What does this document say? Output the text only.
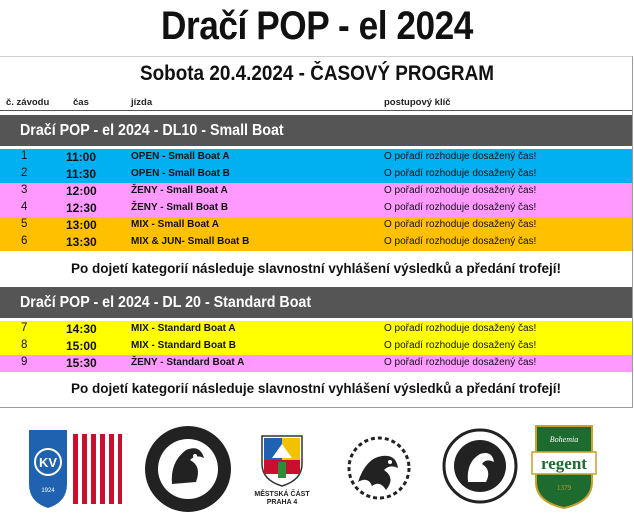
Dračí POP - el 2024
Sobota 20.4.2024 - ČASOVÝ PROGRAM
č. závodu čas	jízda	postupový klíč
Dračí POP - el 2024 - DL10 - Small Boat
1	11:00	OPEN - Small Boat A	O pořadí rozhoduje dosažený čas!
2	11:30	OPEN - Small Boat B	O pořadí rozhoduje dosažený čas!
3	12:00	ŽENY - Small Boat A	O pořadí rozhoduje dosažený čas!
4	12:30	ŽENY - Small Boat B	O pořadí rozhoduje dosažený čas!
5	13:00	MIX - Small Boat A	O pořadí rozhoduje dosažený čas!
6	13:30	MIX & JUN- Small Boat B	O pořadí rozhoduje dosažený čas!
Po dojetí kategorií následuje slavnostní vyhlášení výsledků a předání trofejí!
Dračí POP - el 2024 - DL 20 - Standard Boat
7	14:30	MIX - Standard Boat A	O pořadí rozhoduje dosažený čas!
8	15:00	MIX - Standard Boat B	O pořadí rozhoduje dosažený čas!
9	15:30	ŽENY - Standard Boat A	O pořadí rozhoduje dosažený čas!
Po dojetí kategorií následuje slavnostní vyhlášení výsledků a předání trofejí!
KV
1924	MĚSTSKÁ ČÁST
PRAHA 4
Bohemia
regent
1379
